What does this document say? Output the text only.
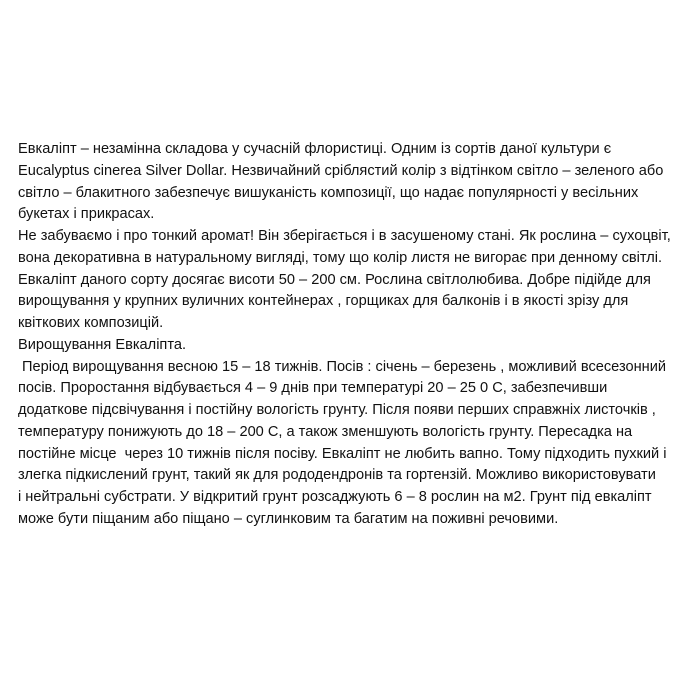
Евкаліпт – незамінна складова у сучасній флористиці. Одним із сортів даної культури є
Eucalyptus cinerea Silver Dollar. Незвичайний сріблястий колір з відтінком світло – зеленого або
світло – блакитного забезпечує вишуканість композиції, що надає популярності у весільних
букетах і прикрасах.
Не забуваємо і про тонкий аромат! Він зберігається і в засушеному стані. Як рослина – сухоцвіт,
вона декоративна в натуральному вигляді, тому що колір листя не вигорає при денному світлі.
Евкаліпт даного сорту досягає висоти 50 – 200 см. Рослина світлолюбива. Добре підійде для
вирощування у крупних вуличних контейнерах , горщиках для балконів і в якості зрізу для
квіткових композицій.
Вирощування Евкаліпта.
Період вирощування весною 15 – 18 тижнів. Посів : січень – березень , можливий всесезонний
посів. Проростання відбувається 4 – 9 днів при температурі 20 – 25 0 С, забезпечивши
додаткове підсвічування і постійну вологість грунту. Після появи перших справжніх листочків ,
температуру понижують до 18 – 200 С, а також зменшують вологість грунту. Пересадка на
постійне місце  через 10 тижнів після посіву. Евкаліпт не любить вапно. Тому підходить пухкий і
злегка підкислений грунт, такий як для рододендронів та гортензій. Можливо використовувати
і нейтральні субстрати. У відкритий грунт розсаджують 6 – 8 рослин на м2. Грунт під евкаліпт
може бути піщаним або піщано – суглинковим та багатим на поживні речовими.
